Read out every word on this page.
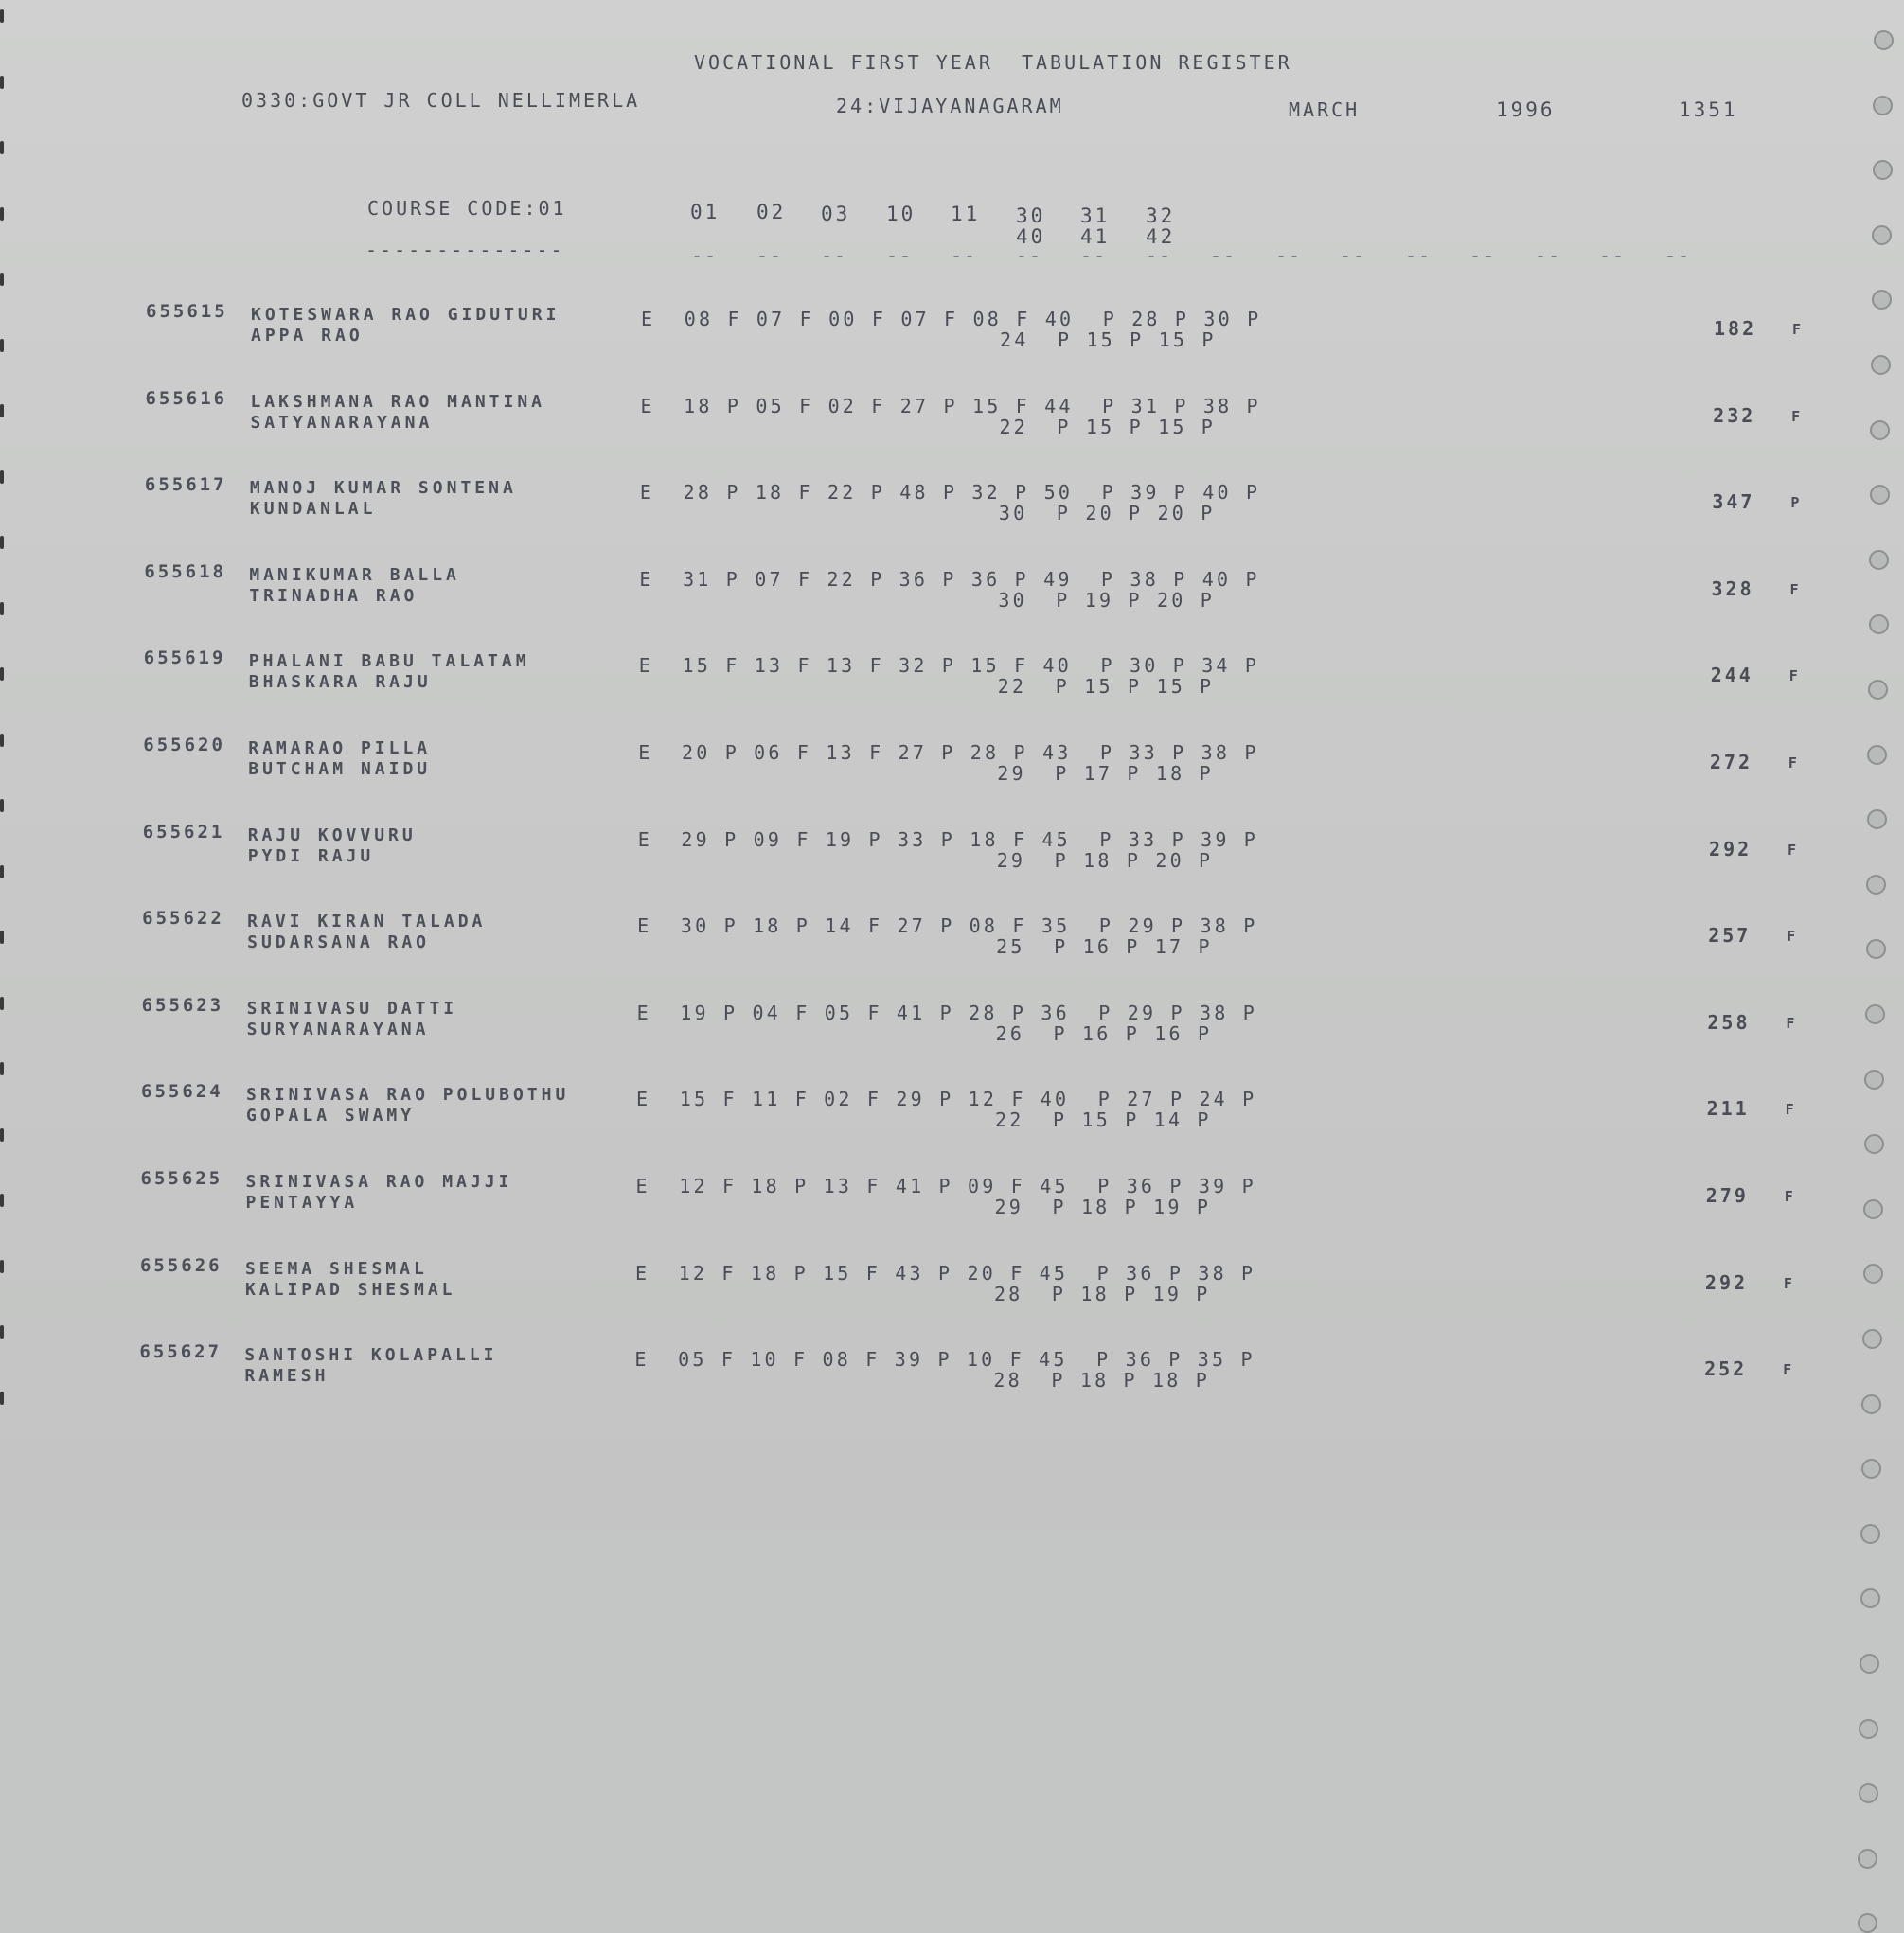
VOCATIONAL FIRST YEAR  TABULATION REGISTER
0330:GOVT JR COLL NELLIMERLA	24:VIJAYANAGARAM	MARCH	1996	1351
COURSE CODE:01
--------------
01 02 03 10 11 30 31 32
40 41 42
-- -- -- -- -- -- -- -- -- -- -- -- -- -- -- --
655615 KOTESWARA RAO GIDUTURI
APPA RAO
E  08 F 07 F 00 F 07 F 08 F 40  P 28 P 30 P
24  P 15 P 15 P	182	F
655616 LAKSHMANA RAO MANTINA
SATYANARAYANA
E  18 P 05 F 02 F 27 P 15 F 44  P 31 P 38 P
22  P 15 P 15 P	232	F
655617 MANOJ KUMAR SONTENA
KUNDANLAL
E  28 P 18 F 22 P 48 P 32 P 50  P 39 P 40 P
30  P 20 P 20 P	347	P
655618 MANIKUMAR BALLA
TRINADHA RAO
E  31 P 07 F 22 P 36 P 36 P 49  P 38 P 40 P
30  P 19 P 20 P	328	F
655619 PHALANI BABU TALATAM
BHASKARA RAJU
E  15 F 13 F 13 F 32 P 15 F 40  P 30 P 34 P
22  P 15 P 15 P	244	F
655620 RAMARAO PILLA
BUTCHAM NAIDU
E  20 P 06 F 13 F 27 P 28 P 43  P 33 P 38 P
29  P 17 P 18 P	272	F
655621 RAJU KOVVURU
PYDI RAJU
E  29 P 09 F 19 P 33 P 18 F 45  P 33 P 39 P
29  P 18 P 20 P	292	F
655622 RAVI KIRAN TALADA
SUDARSANA RAO
E  30 P 18 P 14 F 27 P 08 F 35  P 29 P 38 P
25  P 16 P 17 P	257	F
655623 SRINIVASU DATTI
SURYANARAYANA
E  19 P 04 F 05 F 41 P 28 P 36  P 29 P 38 P
26  P 16 P 16 P	258	F
655624 SRINIVASA RAO POLUBOTHU
GOPALA SWAMY
E  15 F 11 F 02 F 29 P 12 F 40  P 27 P 24 P
22  P 15 P 14 P	211	F
655625 SRINIVASA RAO MAJJI
PENTAYYA
E  12 F 18 P 13 F 41 P 09 F 45  P 36 P 39 P
29  P 18 P 19 P	279	F
655626 SEEMA SHESMAL
KALIPAD SHESMAL
E  12 F 18 P 15 F 43 P 20 F 45  P 36 P 38 P
28  P 18 P 19 P	292	F
655627 SANTOSHI KOLAPALLI
RAMESH
E  05 F 10 F 08 F 39 P 10 F 45  P 36 P 35 P
28  P 18 P 18 P	252	F
